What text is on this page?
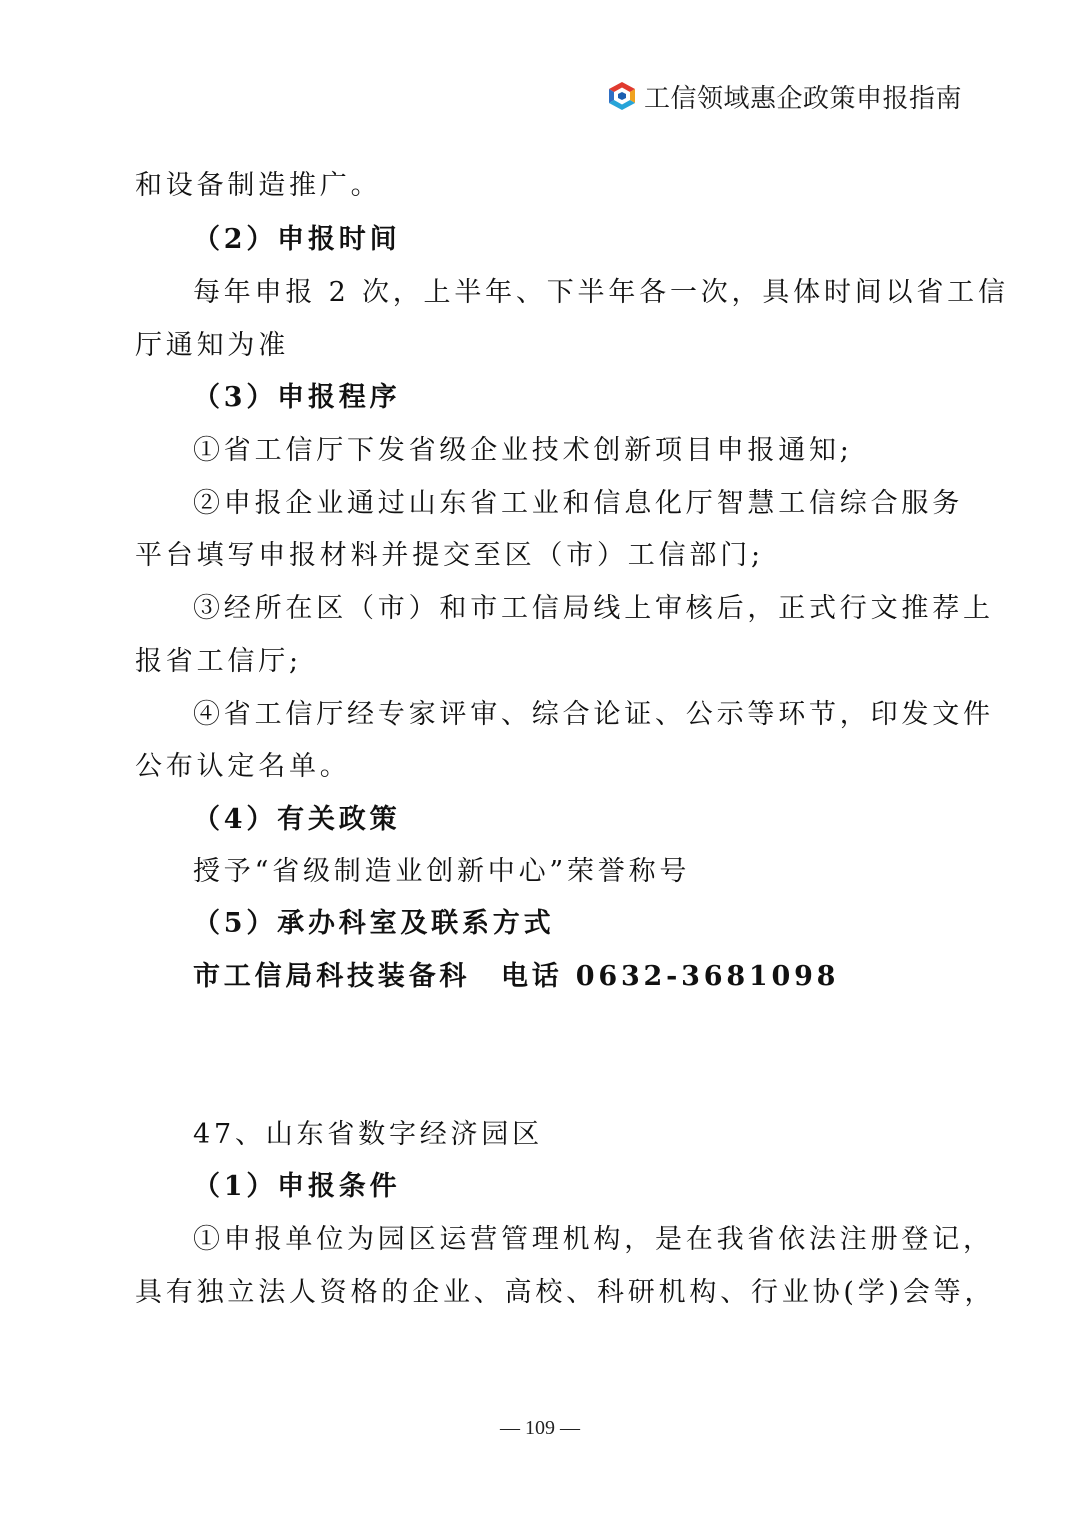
工信领域惠企政策申报指南
和设备制造推广。
（2）申报时间
每年申报 2 次，上半年、下半年各一次，具体时间以省工信
厅通知为准
（3）申报程序
①省工信厅下发省级企业技术创新项目申报通知;
②申报企业通过山东省工业和信息化厅智慧工信综合服务
平台填写申报材料并提交至区（市）工信部门;
③经所在区（市）和市工信局线上审核后，正式行文推荐上
报省工信厅;
④省工信厅经专家评审、综合论证、公示等环节，印发文件
公布认定名单。
（4）有关政策
授予“省级制造业创新中心”荣誉称号
（5）承办科室及联系方式
市工信局科技装备科　电话 0632-3681098
47、山东省数字经济园区
（1）申报条件
①申报单位为园区运营管理机构，是在我省依法注册登记，
具有独立法人资格的企业、高校、科研机构、行业协(学)会等，
— 109 —
